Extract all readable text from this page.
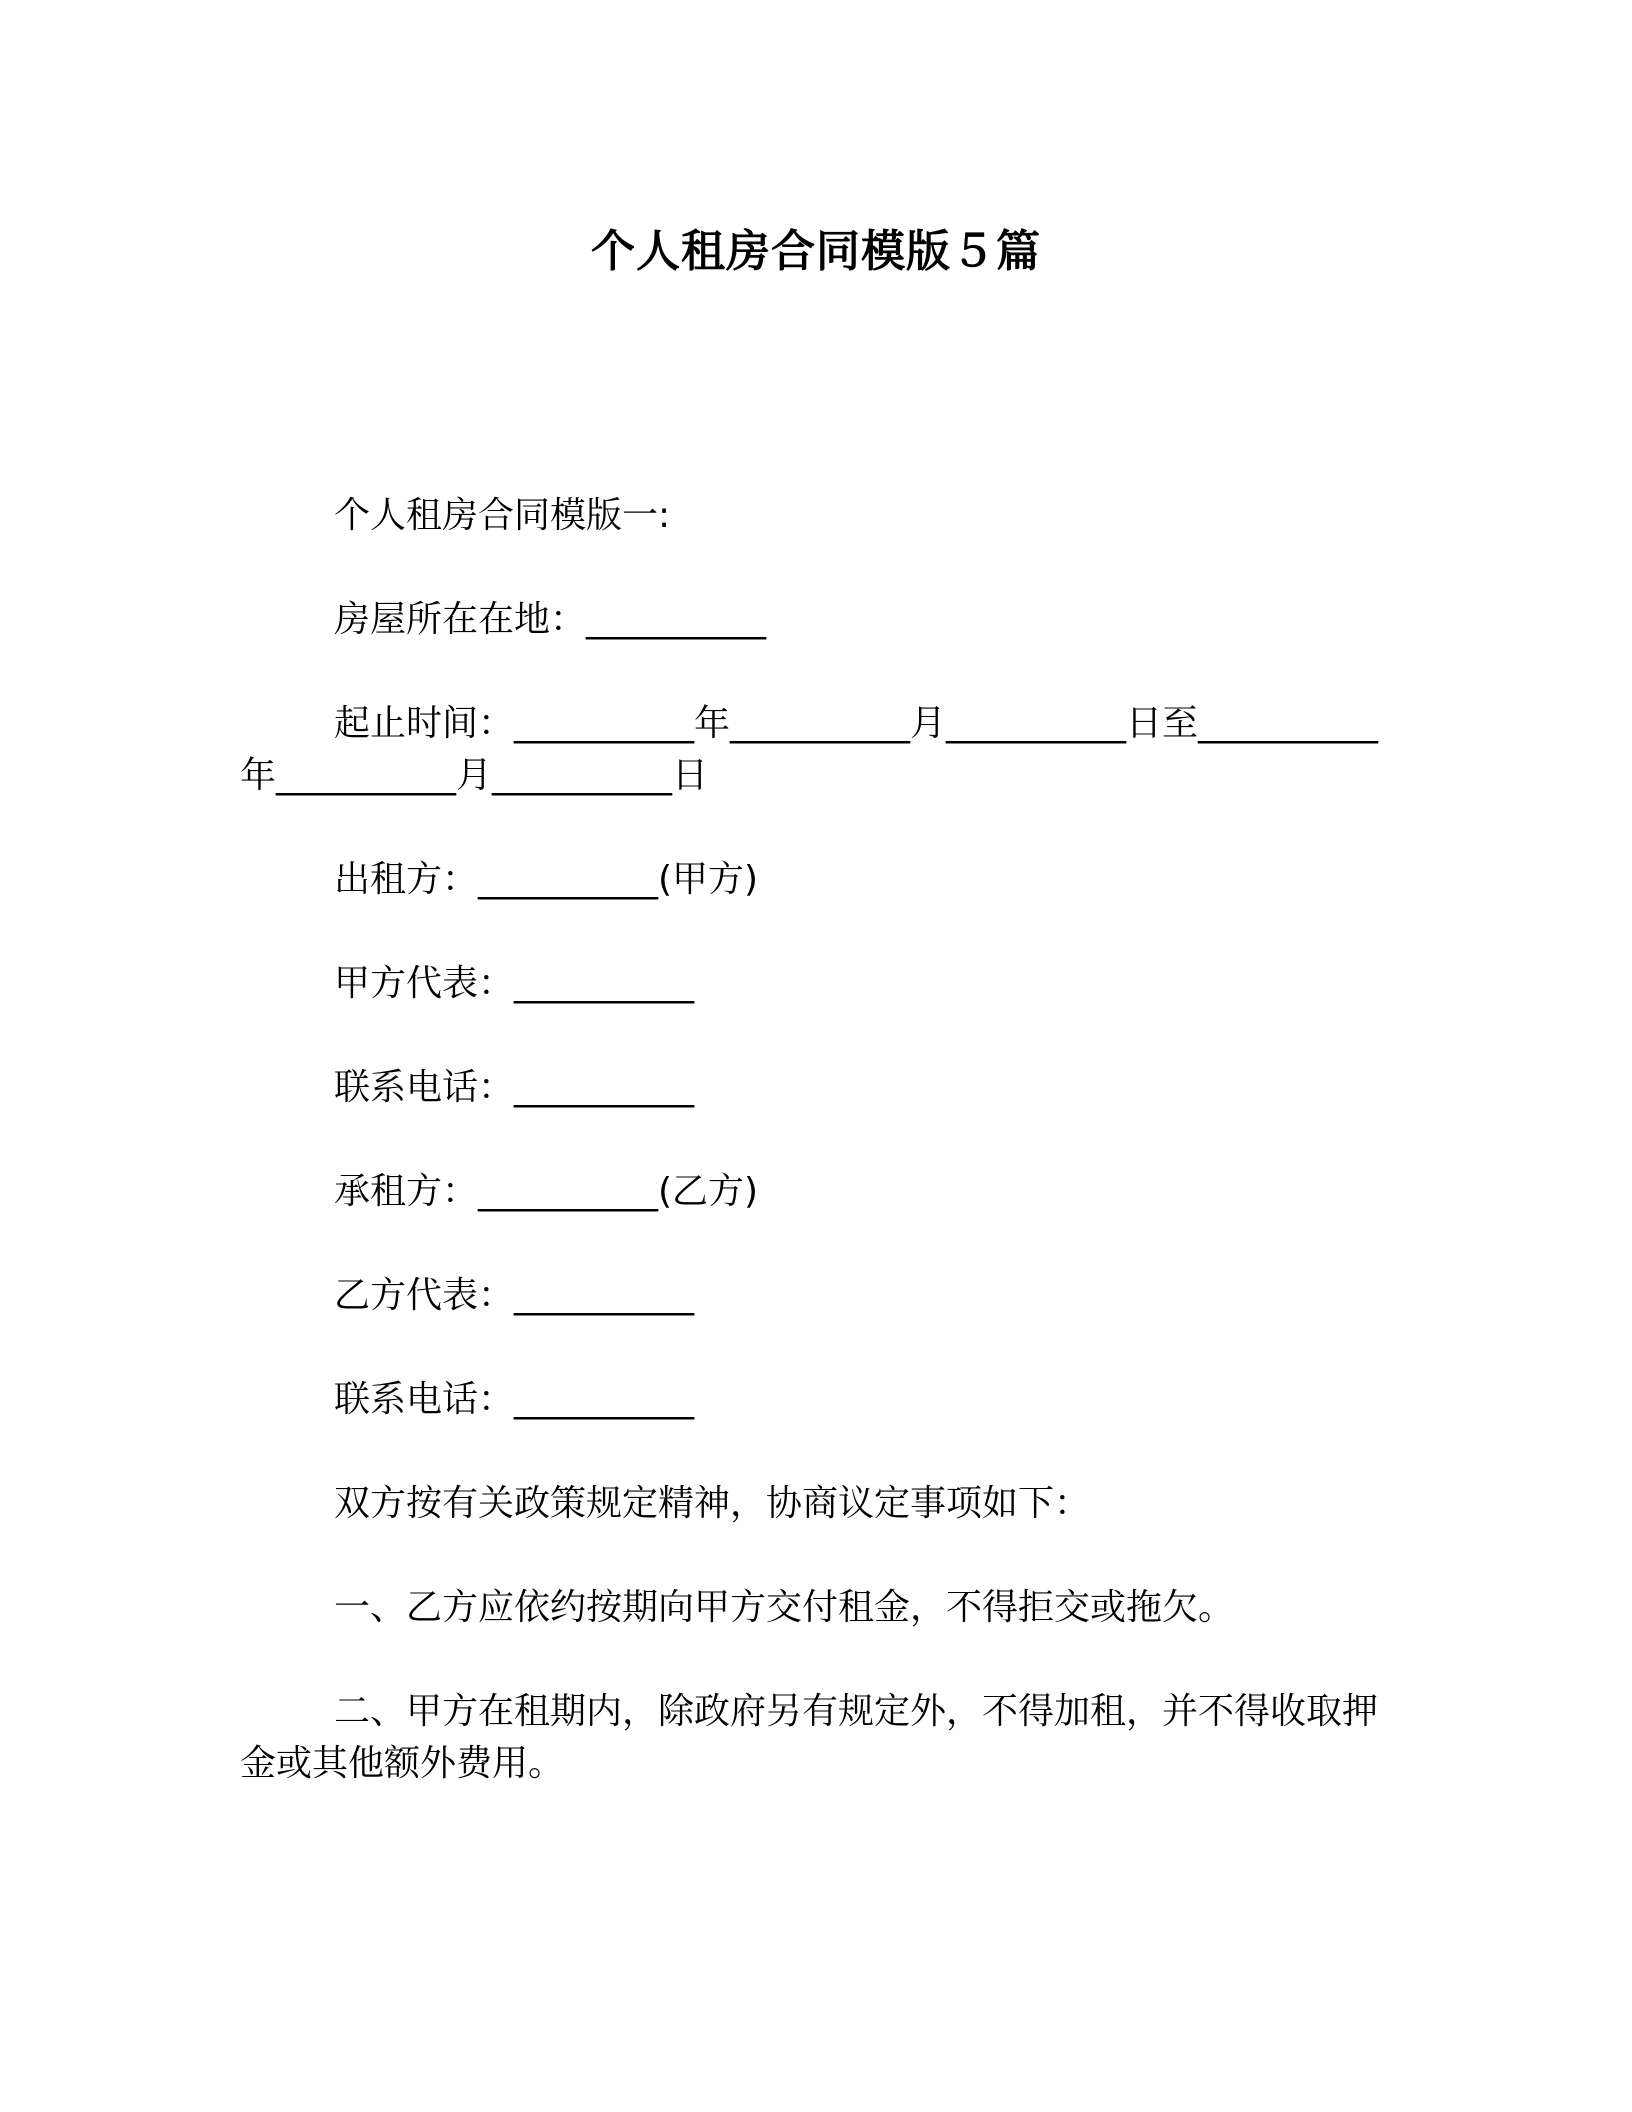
个人租房合同模版５篇

个人租房合同模版一:

房屋所在在地：__________

起止时间：__________年__________月__________日至__________年__________月__________日

出租方：__________(甲方)

甲方代表：__________

联系电话：__________

承租方：__________(乙方)

乙方代表：__________

联系电话：__________

双方按有关政策规定精神，协商议定事项如下：

一、乙方应依约按期向甲方交付租金，不得拒交或拖欠。

二、甲方在租期内，除政府另有规定外，不得加租，并不得收取押金或其他额外费用。
